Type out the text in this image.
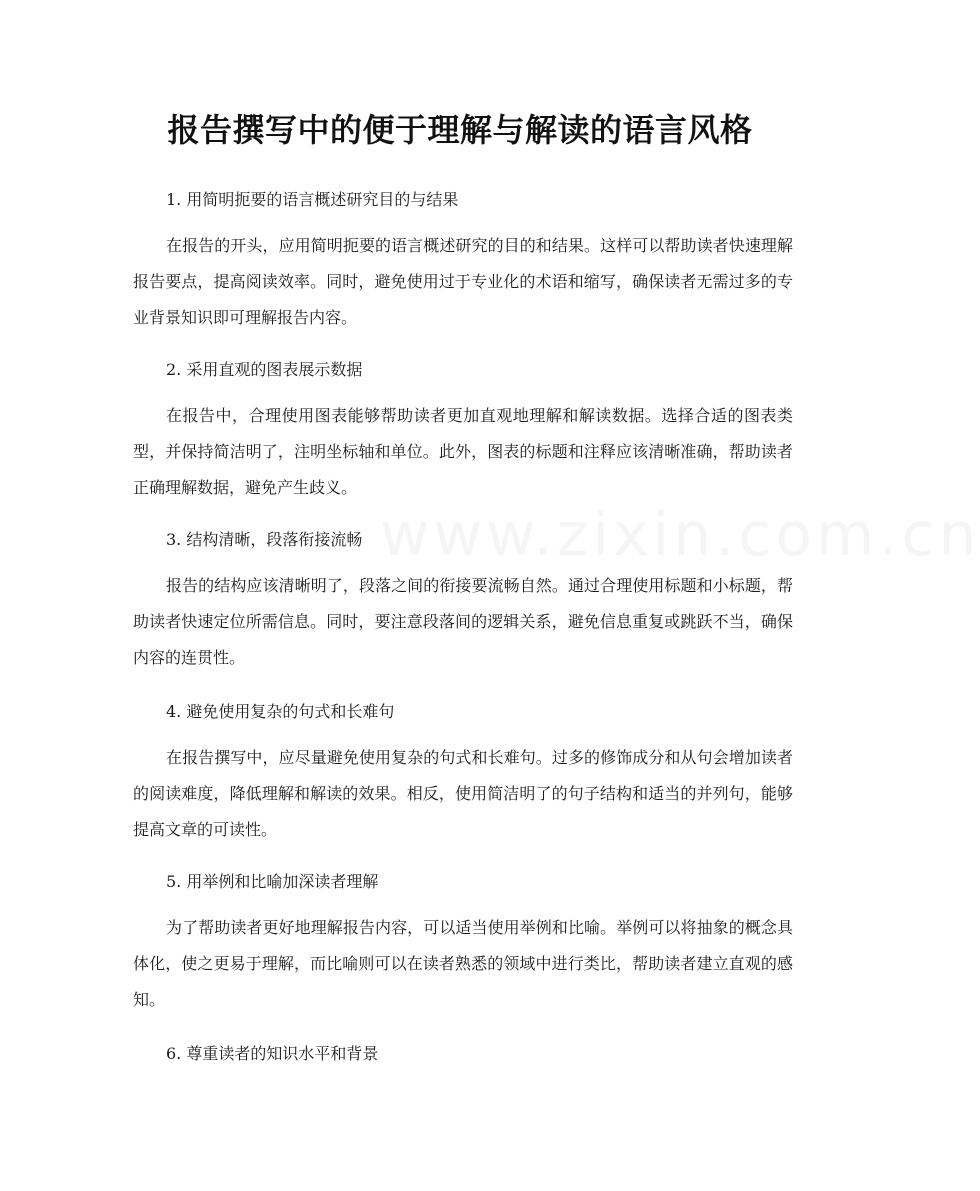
www.zixin.com.cn
报告撰写中的便于理解与解读的语言风格

1. 用简明扼要的语言概述研究目的与结果

在报告的开头，应用简明扼要的语言概述研究的目的和结果。这样可以帮助读者快速理解报告要点，提高阅读效率。同时，避免使用过于专业化的术语和缩写，确保读者无需过多的专业背景知识即可理解报告内容。

2. 采用直观的图表展示数据

在报告中，合理使用图表能够帮助读者更加直观地理解和解读数据。选择合适的图表类型，并保持简洁明了，注明坐标轴和单位。此外，图表的标题和注释应该清晰准确，帮助读者正确理解数据，避免产生歧义。

3. 结构清晰，段落衔接流畅

报告的结构应该清晰明了，段落之间的衔接要流畅自然。通过合理使用标题和小标题，帮助读者快速定位所需信息。同时，要注意段落间的逻辑关系，避免信息重复或跳跃不当，确保内容的连贯性。

4. 避免使用复杂的句式和长难句

在报告撰写中，应尽量避免使用复杂的句式和长难句。过多的修饰成分和从句会增加读者的阅读难度，降低理解和解读的效果。相反，使用简洁明了的句子结构和适当的并列句，能够提高文章的可读性。

5. 用举例和比喻加深读者理解

为了帮助读者更好地理解报告内容，可以适当使用举例和比喻。举例可以将抽象的概念具体化，使之更易于理解，而比喻则可以在读者熟悉的领域中进行类比，帮助读者建立直观的感知。

6. 尊重读者的知识水平和背景
